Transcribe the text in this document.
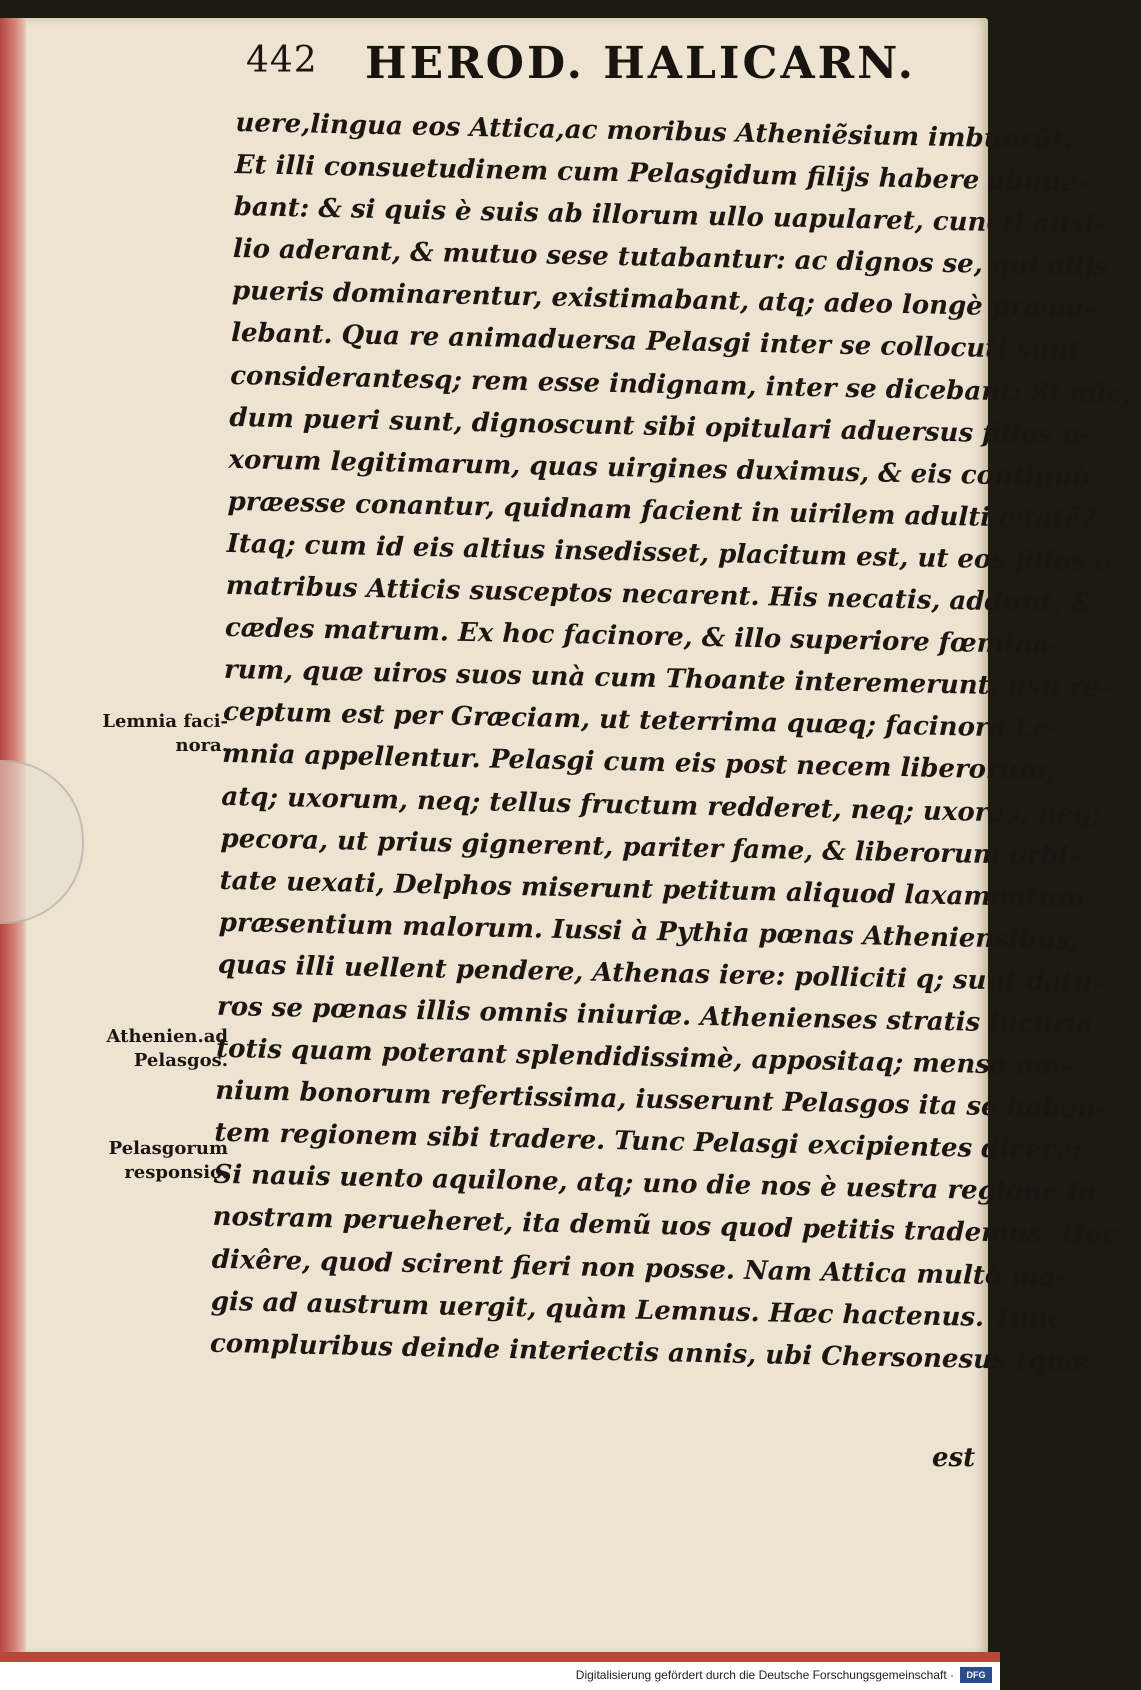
442 HEROD. HALICARN.
uere,lingua eos Attica,ac moribus Atheniẽsium imbuerũt.
Et illi consuetudinem cum Pelasgidum filijs habere abnue-
bant: & si quis è suis ab illorum ullo uapularet, cuncti auxi-
lio aderant, & mutuo sese tutabantur: ac dignos se, qui alijs
pueris dominarentur, existimabant, atq; adeo longè præua-
lebant. Qua re animaduersa Pelasgi inter se collocuti sunt,
considerantesq; rem esse indignam, inter se dicebant: Si nũc,
dum pueri sunt, dignoscunt sibi opitulari aduersus filios u-
xorum legitimarum, quas uirgines duximus, & eis continuò
præesse conantur, quidnam facient in uirilem adulti ætatẽ?
Itaq; cum id eis altius insedisset, placitum est, ut eos filios è
matribus Atticis susceptos necarent. His necatis, addunt, &
cædes matrum. Ex hoc facinore, & illo superiore fœmina-
rum, quæ uiros suos unà cum Thoante interemerunt, usu re-
ceptum est per Græciam, ut teterrima quæq; facinora Le-
mnia appellentur. Pelasgi cum eis post necem liberorum,
atq; uxorum, neq; tellus fructum redderet, neq; uxores, neq;
pecora, ut prius gignerent, pariter fame, & liberorum orbi-
tate uexati, Delphos miserunt petitum aliquod laxamentum
præsentium malorum. Iussi à Pythia pœnas Atheniensibus,
quas illi uellent pendere, Athenas iere: polliciti q; sunt datu-
ros se pœnas illis omnis iniuriæ. Athenienses stratis incuria
totis quam poterant splendidissimè, appositaq; mensa om-
nium bonorum refertissima, iusserunt Pelasgos ita se haben-
tem regionem sibi tradere. Tunc Pelasgi excipientes dicere:
Si nauis uento aquilone, atq; uno die nos è uestra regione in
nostram perueheret, ita demũ uos quod petitis trademus. Hoc
dixêre, quod scirent fieri non posse. Nam Attica multò ma-
gis ad austrum uergit, quàm Lemnus. Hæc hactenus. Tunc
compluribus deinde interiectis annis, ubi Chersonesus (quæ
est
Lemnia faci-
nora.
Athenien.ad
Pelasgos.
Pelasgorum
responsio.
Digitalisierung gefördert durch die Deutsche Forschungsgemeinschaft ·	DFG
